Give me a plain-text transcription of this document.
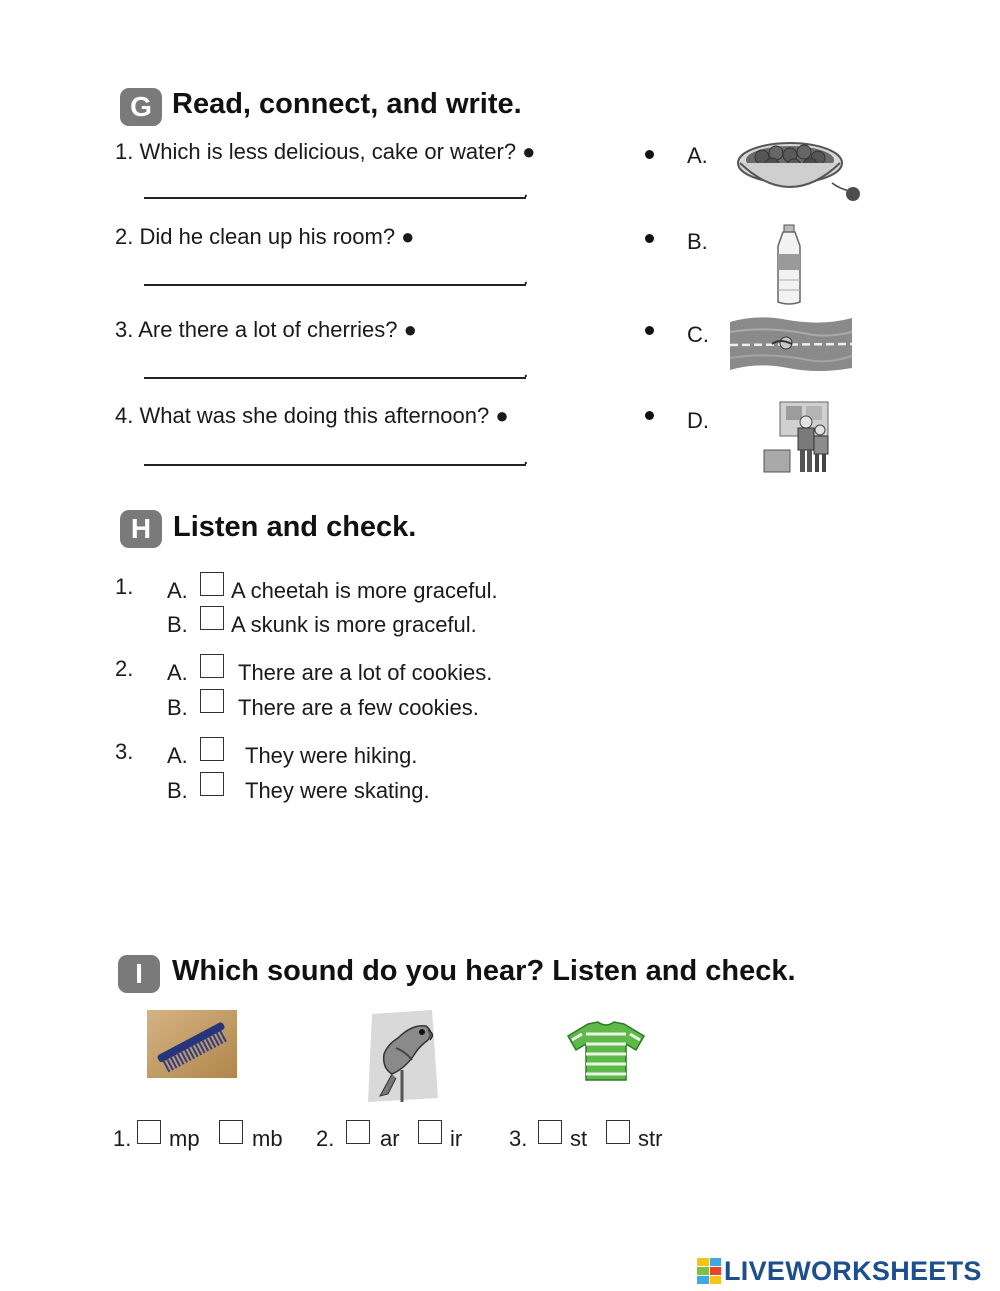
G Read, connect, and write.
1. Which is less delicious, cake or water? ●
.
2. Did he clean up his room? ●
.
3. Are there a lot of cherries? ●
.
4. What was she doing this afternoon? ●
.
A.
B.
C.
D.
H Listen and check.
1. A. A cheetah is more graceful.
B. A skunk is more graceful.
2. A. There are a lot of cookies.
B. There are a few cookies.
3. A.	They were hiking.
B.	They were skating.
I	Which sound do you hear? Listen and check.
1. mp mb 2. ar ir 3. st str
LIVEWORKSHEETS
